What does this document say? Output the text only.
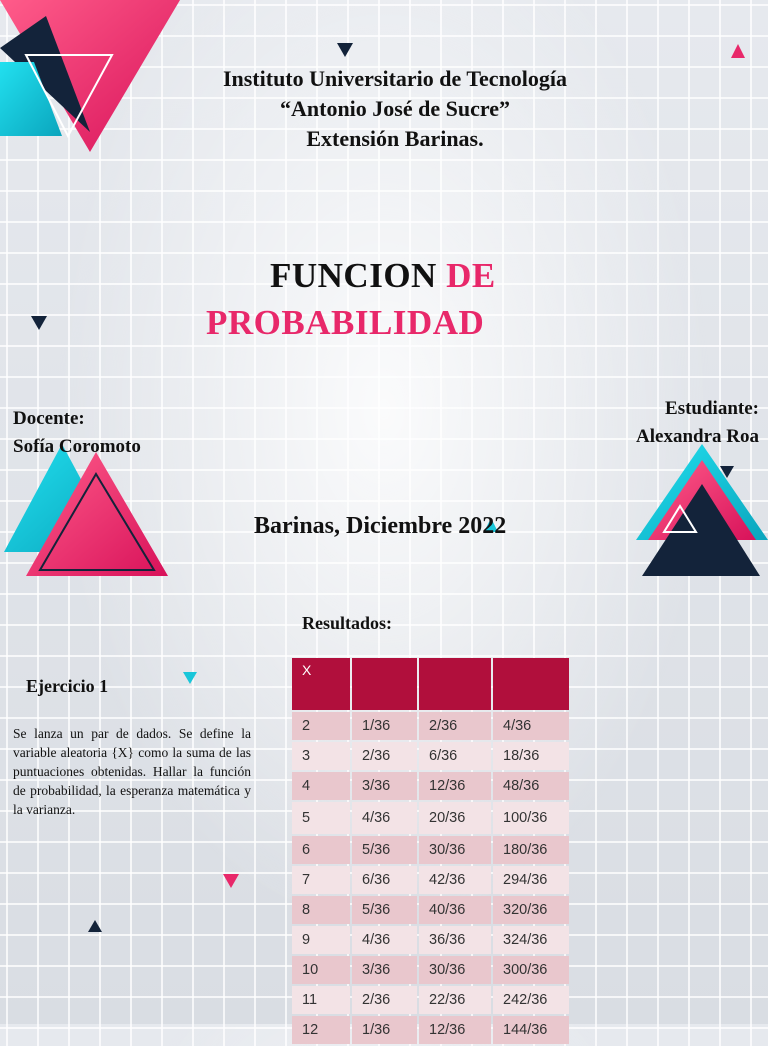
Instituto Universitario de Tecnología
“Antonio José de Sucre”
Extensión Barinas.
FUNCION DE
PROBABILIDAD
Docente:
Sofía Coromoto
Estudiante:
Alexandra Roa
Barinas, Diciembre 2022
Resultados:
Ejercicio 1
Se lanza un par de dados. Se define la variable aleatoria {X} como la suma de las puntuaciones obtenidas. Hallar la función de probabilidad, la esperanza matemática y la varianza.
X			
2	1/36	2/36	4/36
3	2/36	6/36	18/36
4	3/36	12/36	48/36
5	4/36	20/36	100/36
6	5/36	30/36	180/36
7	6/36	42/36	294/36
8	5/36	40/36	320/36
9	4/36	36/36	324/36
10	3/36	30/36	300/36
11	2/36	22/36	242/36
12	1/36	12/36	144/36
